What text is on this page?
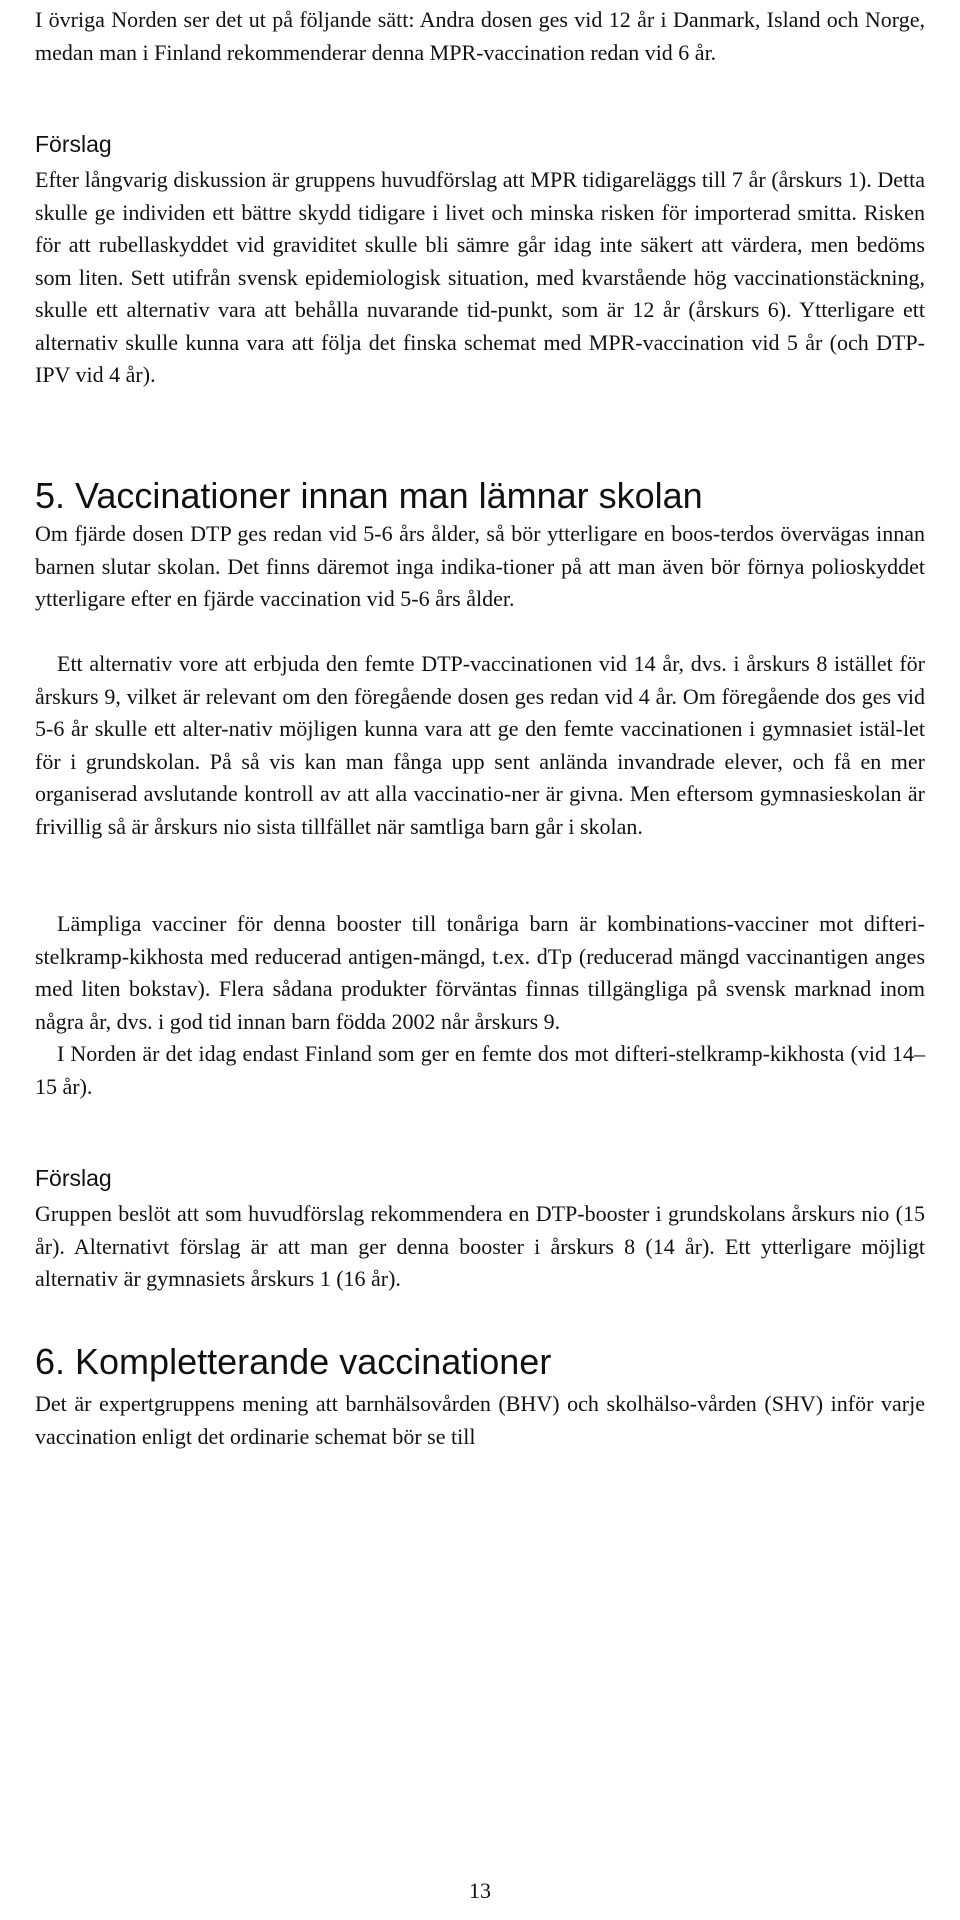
I övriga Norden ser det ut på följande sätt: Andra dosen ges vid 12 år i Danmark, Island och Norge, medan man i Finland rekommenderar denna MPR-vaccination redan vid 6 år.

Förslag

Efter långvarig diskussion är gruppens huvudförslag att MPR tidigareläggs till 7 år (årskurs 1). Detta skulle ge individen ett bättre skydd tidigare i livet och minska risken för importerad smitta. Risken för att rubellaskyddet vid graviditet skulle bli sämre går idag inte säkert att värdera, men bedöms som liten. Sett utifrån svensk epidemiologisk situation, med kvarstående hög vaccinationstäckning, skulle ett alternativ vara att behålla nuvarande tid-punkt, som är 12 år (årskurs 6). Ytterligare ett alternativ skulle kunna vara att följa det finska schemat med MPR-vaccination vid 5 år (och DTP-IPV vid 4 år).

5. Vaccinationer innan man lämnar skolan

Om fjärde dosen DTP ges redan vid 5-6 års ålder, så bör ytterligare en boos-terdos övervägas innan barnen slutar skolan. Det finns däremot inga indika-tioner på att man även bör förnya polioskyddet ytterligare efter en fjärde vaccination vid 5-6 års ålder.

Ett alternativ vore att erbjuda den femte DTP-vaccinationen vid 14 år, dvs. i årskurs 8 istället för årskurs 9, vilket är relevant om den föregående dosen ges redan vid 4 år. Om föregående dos ges vid 5-6 år skulle ett alter-nativ möjligen kunna vara att ge den femte vaccinationen i gymnasiet istäl-let för i grundskolan. På så vis kan man fånga upp sent anlända invandrade elever, och få en mer organiserad avslutande kontroll av att alla vaccinatio-ner är givna. Men eftersom gymnasieskolan är frivillig så är årskurs nio sista tillfället när samtliga barn går i skolan.

Lämpliga vacciner för denna booster till tonåriga barn är kombinations-vacciner mot difteri-stelkramp-kikhosta med reducerad antigen-mängd, t.ex. dTp (reducerad mängd vaccinantigen anges med liten bokstav). Flera sådana produkter förväntas finnas tillgängliga på svensk marknad inom några år, dvs. i god tid innan barn födda 2002 når årskurs 9.

I Norden är det idag endast Finland som ger en femte dos mot difteri-stelkramp-kikhosta (vid 14–15 år).

Förslag

Gruppen beslöt att som huvudförslag rekommendera en DTP-booster i grundskolans årskurs nio (15 år). Alternativt förslag är att man ger denna booster i årskurs 8 (14 år). Ett ytterligare möjligt alternativ är gymnasiets årskurs 1 (16 år).

6. Kompletterande vaccinationer

Det är expertgruppens mening att barnhälsovården (BHV) och skolhälso-vården (SHV) inför varje vaccination enligt det ordinarie schemat bör se till

13
